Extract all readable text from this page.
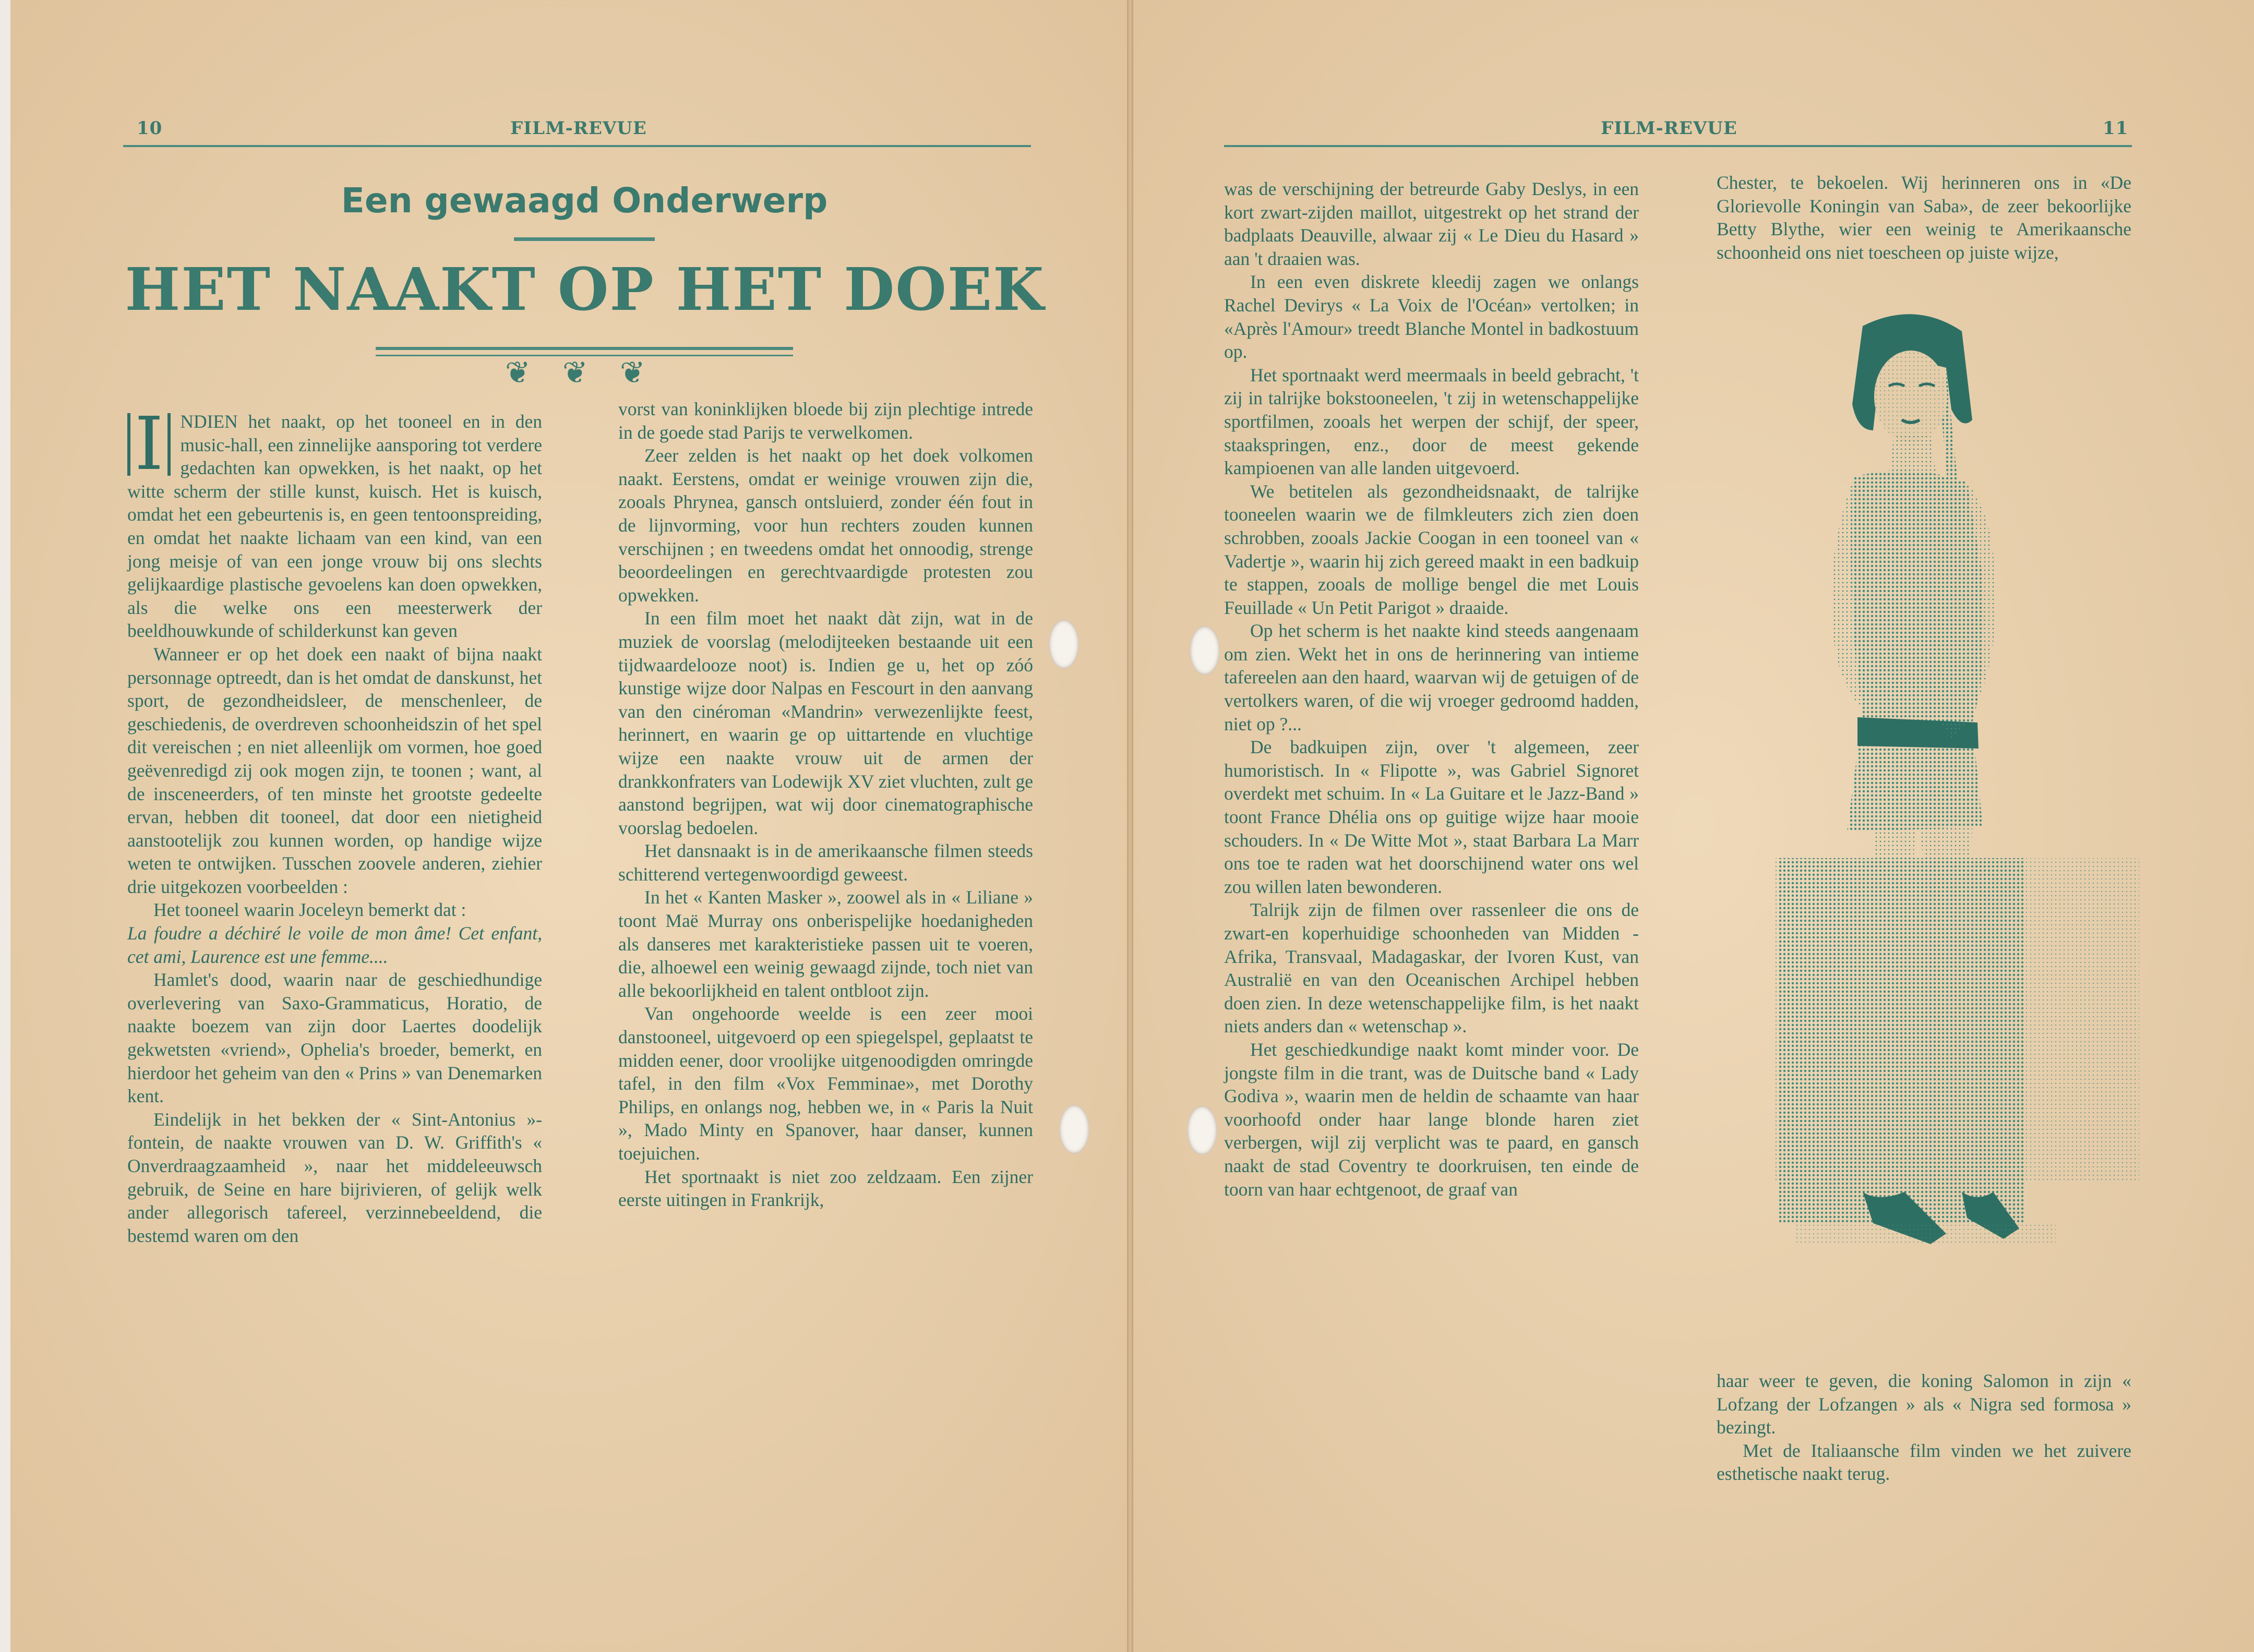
10	FILM-REVUE
Een gewaagd Onderwerp
HET NAAKT OP HET DOEK
❦ ❦ ❦

I NDIEN het naakt, op het tooneel en in den music-hall, een zinnelijke aansporing tot verdere gedachten kan opwekken, is het naakt, op het witte scherm der stille kunst, kuisch. Het is kuisch, omdat het een gebeurtenis is, en geen tentoonspreiding, en omdat het naakte lichaam van een kind, van een jong meisje of van een jonge vrouw bij ons slechts gelijkaardige plastische gevoelens kan doen opwekken, als die welke ons een meesterwerk der beeldhouwkunde of schilderkunst kan geven

Wanneer er op het doek een naakt of bijna naakt personnage optreedt, dan is het omdat de danskunst, het sport, de gezondheidsleer, de menschenleer, de geschiedenis, de overdreven schoonheidszin of het spel dit vereischen ; en niet alleenlijk om vormen, hoe goed geëvenredigd zij ook mogen zijn, te toonen ; want, al de insceneerders, of ten minste het grootste gedeelte ervan, hebben dit tooneel, dat door een nietigheid aanstootelijk zou kunnen worden, op handige wijze weten te ontwijken. Tusschen zoovele anderen, ziehier drie uitgekozen voorbeelden :

Het tooneel waarin Joceleyn bemerkt dat :

La foudre a déchiré le voile de mon âme! Cet enfant, cet ami, Laurence est une femme....

Hamlet's dood, waarin naar de geschiedhundige overlevering van Saxo-Grammaticus, Horatio, de naakte boezem van zijn door Laertes doodelijk gekwetsten «vriend», Ophelia's broeder, bemerkt, en hierdoor het geheim van den « Prins » van Denemarken kent.

Eindelijk in het bekken der « Sint-Antonius »-fontein, de naakte vrouwen van D. W. Griffith's « Onverdraagzaamheid », naar het middeleeuwsch gebruik, de Seine en hare bijrivieren, of gelijk welk ander allegorisch tafereel, verzinnebeeldend, die bestemd waren om den

vorst van koninklijken bloede bij zijn plechtige intrede in de goede stad Parijs te verwelkomen.

Zeer zelden is het naakt op het doek volkomen naakt. Eerstens, omdat er weinige vrouwen zijn die, zooals Phrynea, gansch ontsluierd, zonder één fout in de lijnvorming, voor hun rechters zouden kunnen verschijnen ; en tweedens omdat het onnoodig, strenge beoordeelingen en gerechtvaardigde protesten zou opwekken.

In een film moet het naakt dàt zijn, wat in de muziek de voorslag (melodijteeken bestaande uit een tijdwaardelooze noot) is. Indien ge u, het op zóó kunstige wijze door Nalpas en Fescourt in den aanvang van den cinéroman «Mandrin» verwezenlijkte feest, herinnert, en waarin ge op uittartende en vluchtige wijze een naakte vrouw uit de armen der drankkonfraters van Lodewijk XV ziet vluchten, zult ge aanstond begrijpen, wat wij door cinematographische voorslag bedoelen.

Het dansnaakt is in de amerikaansche filmen steeds schitterend vertegenwoordigd geweest.

In het « Kanten Masker », zoowel als in « Liliane » toont Maë Murray ons onberispelijke hoedanigheden als danseres met karakteristieke passen uit te voeren, die, alhoewel een weinig gewaagd zijnde, toch niet van alle bekoorlijkheid en talent ontbloot zijn.

Van ongehoorde weelde is een zeer mooi danstooneel, uitgevoerd op een spiegelspel, geplaatst te midden eener, door vroolijke uitgenoodigden omringde tafel, in den film «Vox Femminae», met Dorothy Philips, en onlangs nog, hebben we, in « Paris la Nuit », Mado Minty en Spanover, haar danser, kunnen toejuichen.

Het sportnaakt is niet zoo zeldzaam. Een zijner eerste uitingen in Frankrijk,

FILM-REVUE	11

was de verschijning der betreurde Gaby Deslys, in een kort zwart-zijden maillot, uitgestrekt op het strand der badplaats Deauville, alwaar zij « Le Dieu du Hasard » aan 't draaien was.

In een even diskrete kleedij zagen we onlangs Rachel Devirys « La Voix de l'Océan» vertolken; in «Après l'Amour» treedt Blanche Montel in badkostuum op.

Het sportnaakt werd meermaals in beeld gebracht, 't zij in talrijke bokstooneelen, 't zij in wetenschappelijke sportfilmen, zooals het werpen der schijf, der speer, staakspringen, enz., door de meest gekende kampioenen van alle landen uitgevoerd.

We betitelen als gezondheidsnaakt, de talrijke tooneelen waarin we de filmkleuters zich zien doen schrobben, zooals Jackie Coogan in een tooneel van « Vadertje », waarin hij zich gereed maakt in een badkuip te stappen, zooals de mollige bengel die met Louis Feuillade « Un Petit Parigot » draaide.

Op het scherm is het naakte kind steeds aangenaam om zien. Wekt het in ons de herinnering van intieme tafereelen aan den haard, waarvan wij de getuigen of de vertolkers waren, of die wij vroeger gedroomd hadden, niet op ?...

De badkuipen zijn, over 't algemeen, zeer humoristisch. In « Flipotte », was Gabriel Signoret overdekt met schuim. In « La Guitare et le Jazz-Band » toont France Dhélia ons op guitige wijze haar mooie schouders. In « De Witte Mot », staat Barbara La Marr ons toe te raden wat het doorschijnend water ons wel zou willen laten bewonderen.

Talrijk zijn de filmen over rassenleer die ons de zwart-en koperhuidige schoonheden van Midden -Afrika, Transvaal, Madagaskar, der Ivoren Kust, van Australië en van den Oceanischen Archipel hebben doen zien. In deze wetenschappelijke film, is het naakt niets anders dan « wetenschap ».

Het geschiedkundige naakt komt minder voor. De jongste film in die trant, was de Duitsche band « Lady Godiva », waarin men de heldin de schaamte van haar voorhoofd onder haar lange blonde haren ziet verbergen, wijl zij verplicht was te paard, en gansch naakt de stad Coventry te doorkruisen, ten einde de toorn van haar echtgenoot, de graaf van

Chester, te bekoelen. Wij herinneren ons in «De Glorievolle Koningin van Saba», de zeer bekoorlijke Betty Blythe, wier een weinig te Amerikaansche schoonheid ons niet toescheen op juiste wijze,

haar weer te geven, die koning Salomon in zijn « Lofzang der Lofzangen » als « Nigra sed formosa » bezingt.

Met de Italiaansche film vinden we het zuivere esthetische naakt terug.
